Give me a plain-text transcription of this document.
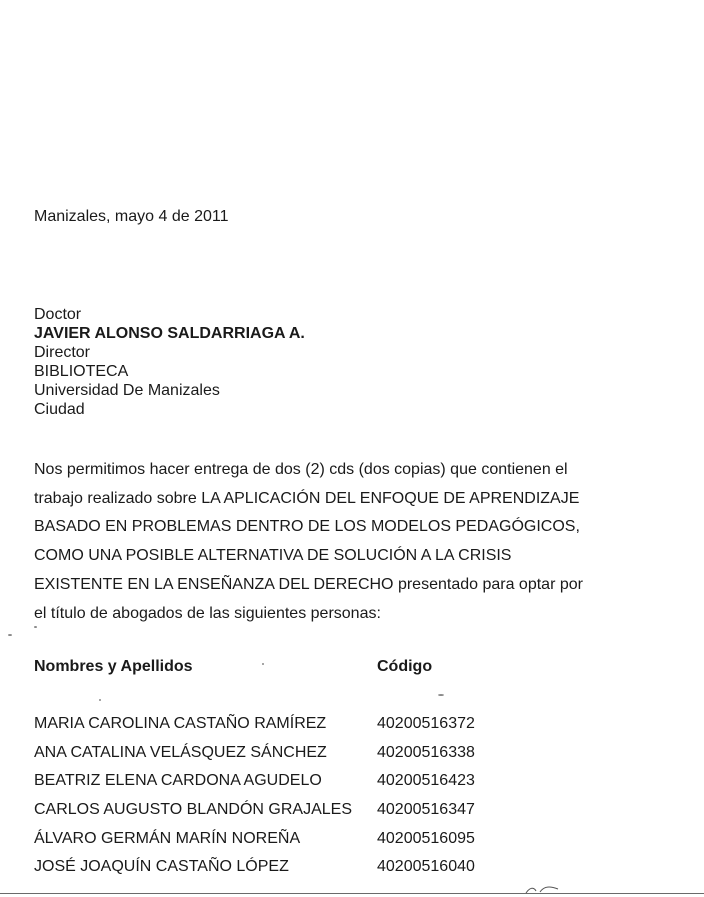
Manizales, mayo 4 de 2011
Doctor
JAVIER ALONSO SALDARRIAGA A.
Director
BIBLIOTECA
Universidad De Manizales
Ciudad
Nos permitimos hacer entrega de dos (2) cds (dos copias) que contienen el
trabajo realizado sobre LA APLICACIÓN DEL ENFOQUE DE APRENDIZAJE
BASADO EN PROBLEMAS DENTRO DE LOS MODELOS PEDAGÓGICOS,
COMO UNA POSIBLE ALTERNATIVA DE SOLUCIÓN A LA CRISIS
EXISTENTE EN LA ENSEÑANZA DEL DERECHO presentado para optar por
el título de abogados de las siguientes personas:
Nombres y Apellidos	Código
MARIA CAROLINA CASTAÑO RAMÍREZ	40200516372
ANA CATALINA VELÁSQUEZ SÁNCHEZ	40200516338
BEATRIZ ELENA CARDONA AGUDELO	40200516423
CARLOS AUGUSTO BLANDÓN GRAJALES	40200516347
ÁLVARO GERMÁN MARÍN NOREÑA	40200516095
JOSÉ JOAQUÍN CASTAÑO LÓPEZ	40200516040
